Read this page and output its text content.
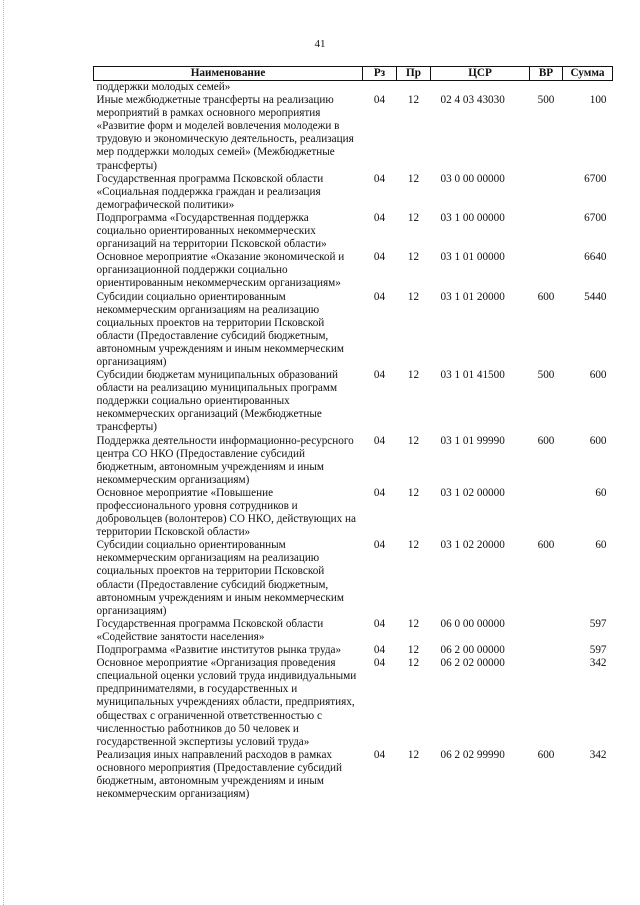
41
Наименование	Рз	Пр	ЦСР	ВР	Сумма
поддержки молодых семей»					
Иные межбюджетные трансферты на реализацию мероприятий в рамках основного мероприятия «Развитие форм и моделей вовлечения молодежи в трудовую и экономическую деятельность, реализация мер поддержки молодых семей» (Межбюджетные трансферты)	04	12	02 4 03 43030	500	100
Государственная программа Псковской области «Социальная поддержка граждан и реализация демографической политики»	04	12	03 0 00 00000		6700
Подпрограмма «Государственная поддержка социально ориентированных некоммерческих организаций на территории Псковской области»	04	12	03 1 00 00000		6700
Основное мероприятие «Оказание экономической и организационной поддержки социально ориентированным некоммерческим организациям»	04	12	03 1 01 00000		6640
Субсидии социально ориентированным некоммерческим организациям на реализацию социальных проектов на территории Псковской области (Предоставление субсидий бюджетным, автономным учреждениям и иным некоммерческим организациям)	04	12	03 1 01 20000	600	5440
Субсидии бюджетам муниципальных образований области на реализацию муниципальных программ поддержки социально ориентированных некоммерческих организаций (Межбюджетные трансферты)	04	12	03 1 01 41500	500	600
Поддержка деятельности информационно-ресурсного центра СО НКО (Предоставление субсидий бюджетным, автономным учреждениям и иным некоммерческим организациям)	04	12	03 1 01 99990	600	600
Основное мероприятие «Повышение профессионального уровня сотрудников и добровольцев (волонтеров) СО НКО, действующих на территории Псковской области»	04	12	03 1 02 00000		60
Субсидии социально ориентированным некоммерческим организациям на реализацию социальных проектов на территории Псковской области (Предоставление субсидий бюджетным, автономным учреждениям и иным некоммерческим организациям)	04	12	03 1 02 20000	600	60
Государственная программа Псковской области «Содействие занятости населения»	04	12	06 0 00 00000		597
Подпрограмма «Развитие институтов рынка труда»	04	12	06 2 00 00000		597
Основное мероприятие «Организация проведения специальной оценки условий труда индивидуальными предпринимателями, в государственных и муниципальных учреждениях области, предприятиях, обществах с ограниченной ответственностью с численностью работников до 50 человек и государственной экспертизы условий труда»	04	12	06 2 02 00000		342
Реализация иных направлений расходов в рамках основного мероприятия (Предоставление субсидий бюджетным, автономным учреждениям и иным некоммерческим организациям)	04	12	06 2 02 99990	600	342
